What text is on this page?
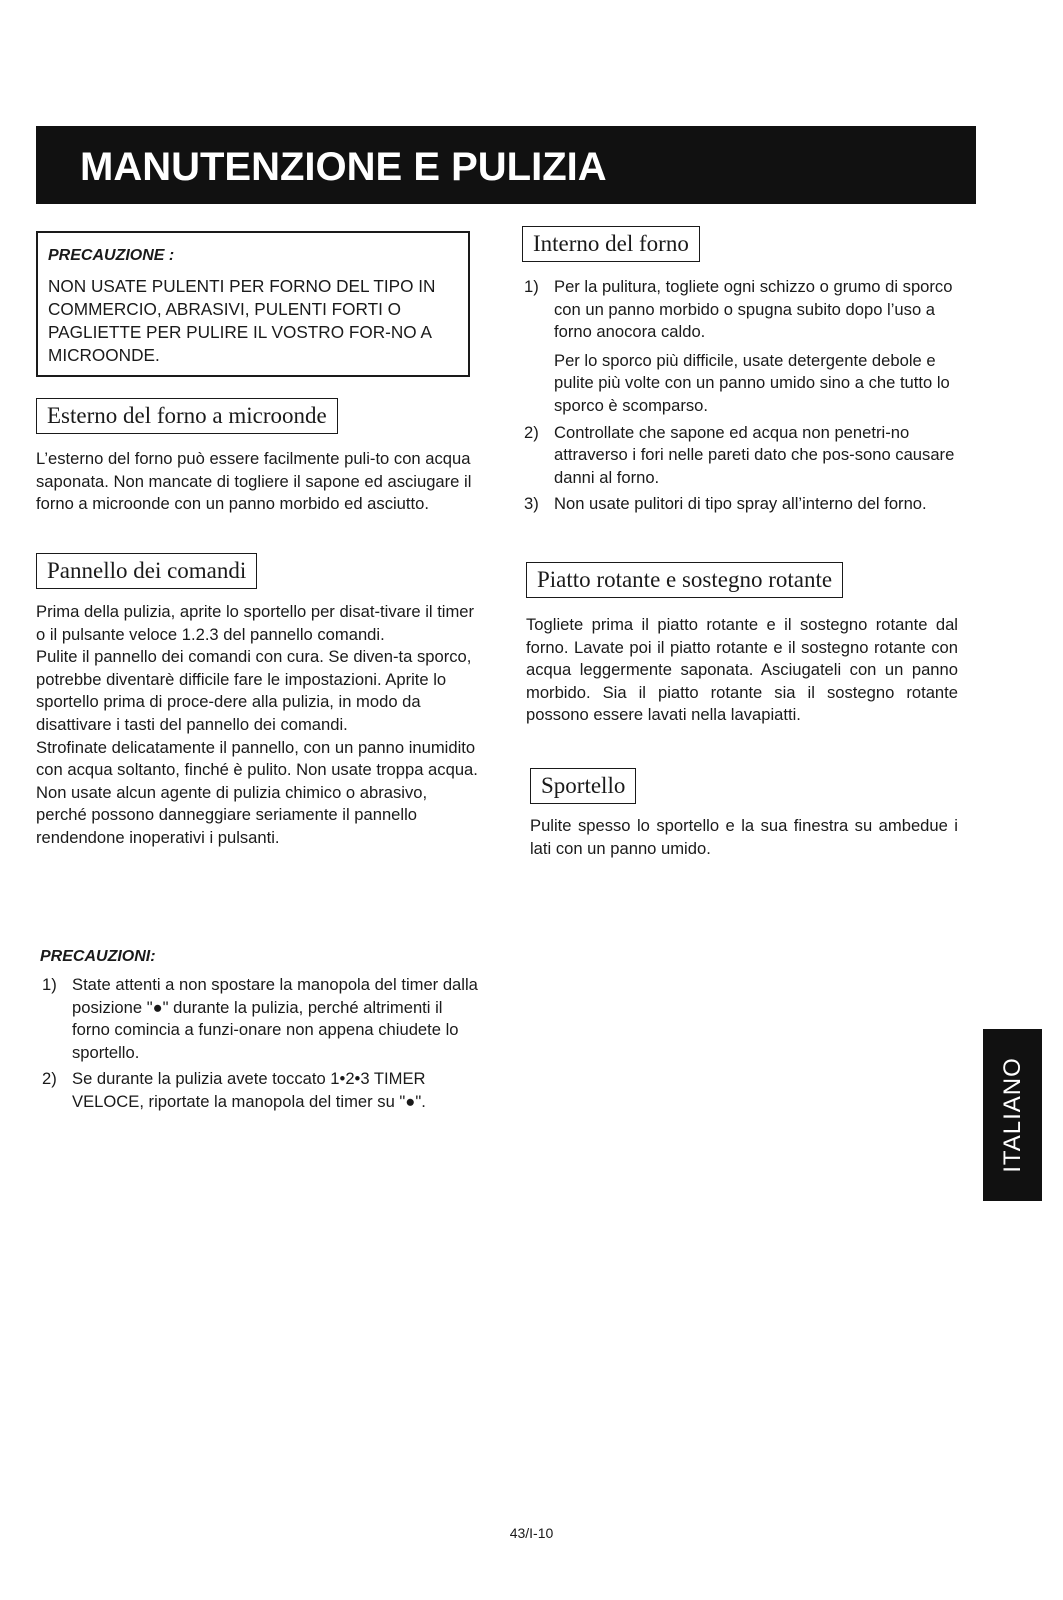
MANUTENZIONE E PULIZIA

PRECAUZIONE :

NON USATE PULENTI PER FORNO DEL TIPO IN COMMERCIO, ABRASIVI, PULENTI FORTI O PAGLIETTE PER PULIRE IL VOSTRO FOR-NO A MICROONDE.

Esterno del forno a microonde

L’esterno del forno può essere facilmente puli-to con acqua saponata. Non mancate di togliere il sapone ed asciugare il forno a microonde con un panno morbido ed asciutto.

Pannello dei comandi

Prima della pulizia, aprite lo sportello per disat-tivare il timer o il pulsante veloce 1.2.3 del pannello comandi.

Pulite il pannello dei comandi con cura. Se diven-ta sporco, potrebbe diventarè difficile fare le impostazioni. Aprite lo sportello prima di proce-dere alla pulizia, in modo da disattivare i tasti del pannello dei comandi.

Strofinate delicatamente il pannello, con un panno inumidito con acqua soltanto, finché è pulito. Non usate troppa acqua. Non usate alcun agente di pulizia chimico o abrasivo, perché possono danneggiare seriamente il pannello rendendone inoperativi i pulsanti.

PRECAUZIONI:

1) State attenti a non spostare la manopola del timer dalla posizione "●" durante la pulizia, perché altrimenti il forno comincia a funzi-onare non appena chiudete lo sportello.
2) Se durante la pulizia avete toccato 1•2•3 TIMER VELOCE, riportate la manopola del timer su "●".
Interno del forno
1) Per la pulitura, togliete ogni schizzo o grumo di sporco con un panno morbido o spugna subito dopo l’uso a forno anocora caldo.
Per lo sporco più difficile, usate detergente debole e pulite più volte con un panno umido sino a che tutto lo sporco è scomparso.
2) Controllate che sapone ed acqua non penetri-no attraverso i fori nelle pareti dato che pos-sono causare danni al forno.
3) Non usate pulitori di tipo spray all’interno del forno.
Piatto rotante e sostegno rotante

Togliete prima il piatto rotante e il sostegno rotante dal forno. Lavate poi il piatto rotante e il sostegno rotante con acqua leggermente saponata. Asciugateli con un panno morbido. Sia il piatto rotante sia il sostegno rotante possono essere lavati nella lavapiatti.

Sportello

Pulite spesso lo sportello e la sua finestra su ambedue i lati con un panno umido.

ITALIANO
43/I-10
